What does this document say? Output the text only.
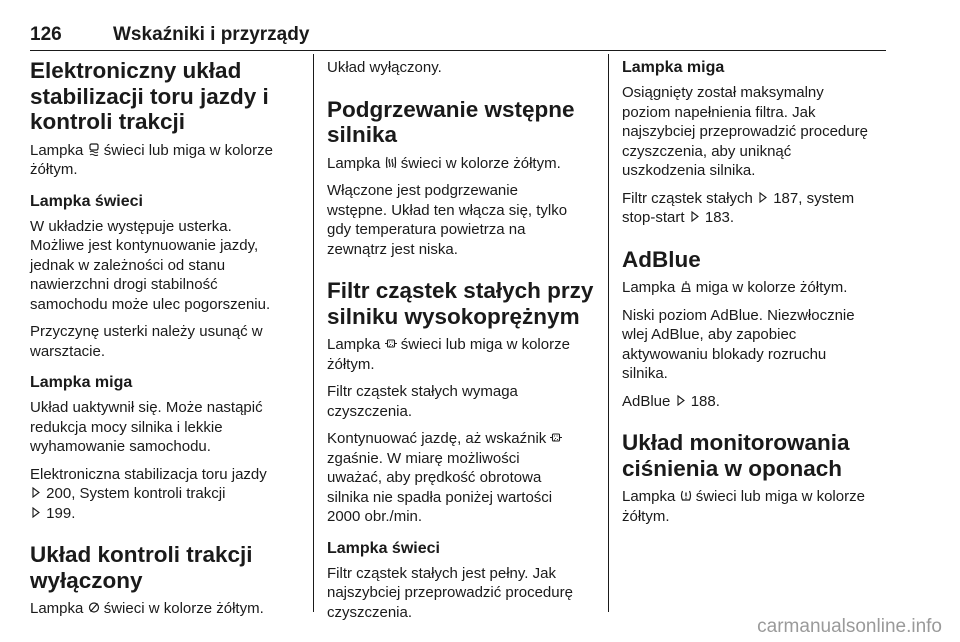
126	Wskaźniki i przyrządy
Elektroniczny układ
stabilizacji toru jazdy i
kontroli trakcji

Lampka świeci lub miga w kolorze
żółtym.

Lampka świeci

W układzie występuje usterka.
Możliwe jest kontynuowanie jazdy,
jednak w zależności od stanu
nawierzchni drogi stabilność
samochodu może ulec pogorszeniu.

Przyczynę usterki należy usunąć w
warsztacie.

Lampka miga

Układ uaktywnił się. Może nastąpić
redukcja mocy silnika i lekkie
wyhamowanie samochodu.

Elektroniczna stabilizacja toru jazdy

200, System kontroli trakcji

199.

Układ kontroli trakcji
wyłączony

Lampka świeci w kolorze żółtym.

Układ wyłączony.

Podgrzewanie wstępne
silnika

Lampka świeci w kolorze żółtym.

Włączone jest podgrzewanie
wstępne. Układ ten włącza się, tylko
gdy temperatura powietrza na
zewnątrz jest niska.

Filtr cząstek stałych przy
silniku wysokoprężnym

Lampka świeci lub miga w kolorze
żółtym.

Filtr cząstek stałych wymaga
czyszczenia.

Kontynuować jazdę, aż wskaźnik

zgaśnie. W miarę możliwości
uważać, aby prędkość obrotowa
silnika nie spadła poniżej wartości
2000 obr./min.

Lampka świeci

Filtr cząstek stałych jest pełny. Jak
najszybciej przeprowadzić procedurę
czyszczenia.

Lampka miga

Osiągnięty został maksymalny
poziom napełnienia filtra. Jak
najszybciej przeprowadzić procedurę
czyszczenia, aby uniknąć
uszkodzenia silnika.

Filtr cząstek stałych 187, system
stop-start 183.

AdBlue

Lampka miga w kolorze żółtym.

Niski poziom AdBlue. Niezwłocznie
wlej AdBlue, aby zapobiec
aktywowaniu blokady rozruchu
silnika.

AdBlue 188.

Układ monitorowania
ciśnienia w oponach

Lampka świeci lub miga w kolorze
żółtym.

carmanualsonline.info
